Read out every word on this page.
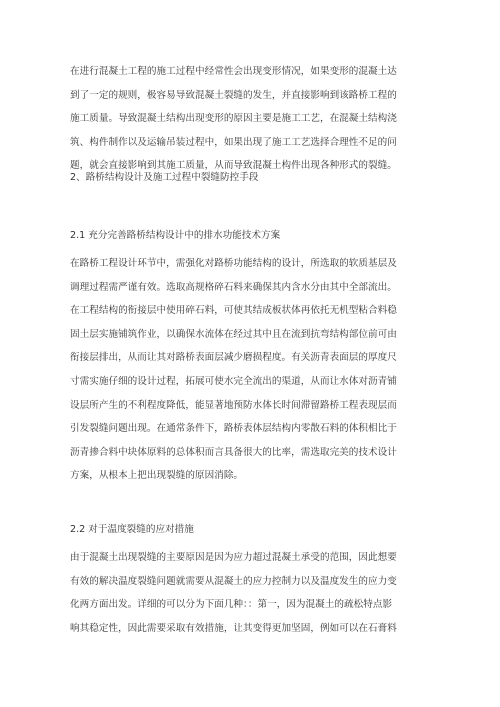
在进行混凝土工程的施工过程中经常性会出现变形情况，如果变形的混凝土达
到了一定的规则，极容易导致混凝土裂缝的发生，并直接影响到该路桥工程的
施工质量。导致混凝土结构出现变形的原因主要是施工工艺，在混凝土结构浇
筑、构件制作以及运输吊装过程中，如果出现了施工工艺选择合理性不足的问
题，就会直接影响到其施工质量，从而导致混凝土构件出现各种形式的裂缝。
2、路桥结构设计及施工过程中裂缝防控手段
2.1 充分完善路桥结构设计中的排水功能技术方案
在路桥工程设计环节中，需强化对路桥功能结构的设计，所选取的软质基层及
调理过程需严谨有效。选取高规格碎石料来确保其内含水分由其中全部流出。
在工程结构的衔接层中使用碎石料，可使其结成板状体再依托无机型粘合料稳
固土层实施铺筑作业，以确保水流体在经过其中且在流到抗弯结构部位前可由
衔接层排出，从而让其对路桥表面层减少磨损程度。有关沥青表面层的厚度尺
寸需实施仔细的设计过程，拓展可使水完全流出的渠道，从而让水体对沥青铺
设层所产生的不利程度降低，能显著地预防水体长时间滞留路桥工程表现层而
引发裂缝问题出现。在通常条件下，路桥表体层结构内零散石料的体积相比于
沥青掺合料中块体原料的总体积而言具备很大的比率，需选取完美的技术设计
方案，从根本上把出现裂缝的原因消除。
2.2 对于温度裂缝的应对措施
由于混凝土出现裂缝的主要原因是因为应力超过混凝土承受的范围，因此想要
有效的解决温度裂缝问题就需要从混凝土的应力控制力以及温度发生的应力变
化两方面出发。详细的可以分为下面几种：：第一，因为混凝土的疏松特点影
响其稳定性，因此需要采取有效措施，让其变得更加坚固，例如可以在石膏料
